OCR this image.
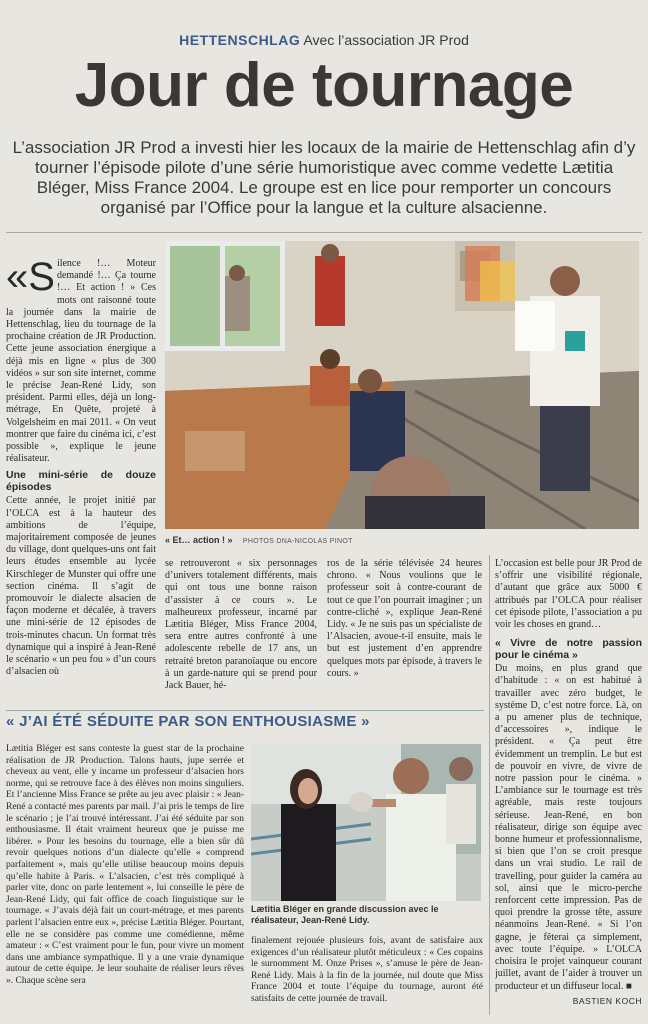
HETTENSCHLAG Avec l’association JR Prod
Jour de tournage
L’association JR Prod a investi hier les locaux de la mairie de Hettenschlag afin d’y tourner l’épisode pilote d’une série humoristique avec comme vedette Lætitia Bléger, Miss France 2004. Le groupe est en lice pour remporter un concours organisé par l’Office pour la langue et la culture alsacienne.

«Silence !… Moteur demandé !… Ça tourne !… Et action ! » Ces mots ont raisonné toute la journée dans la mairie de Hettenschlag, lieu du tournage de la prochaine création de JR Production. Cette jeune association énergique a déjà mis en ligne « plus de 300 vidéos » sur son site internet, comme le précise Jean-René Lidy, son président. Parmi elles, déjà un long-métrage, En Quête, projeté à Volgelsheim en mai 2011. « On veut montrer que faire du cinéma ici, c’est possible », explique le jeune réalisateur.

Une mini-série de douze épisodes

Cette année, le projet initié par l’OLCA est à la hauteur des ambitions de l’équipe, majoritairement composée de jeunes du village, dont quelques-uns ont fait leurs études ensemble au lycée Kirschleger de Munster qui offre une section cinéma. Il s’agit de promouvoir le dialecte alsacien de façon moderne et décalée, à travers une mini-série de 12 épisodes de trois-minutes chacun. Un format très dynamique qui a inspiré à Jean-René le scénario « un peu fou » d’un cours d’alsacien où

« Et… action ! » PHOTOS DNA-NICOLAS PINOT

se retrouveront « six personnages d’univers totalement différents, mais qui ont tous une bonne raison d’assister à ce cours ». Le malheureux professeur, incarné par Lætitia Bléger, Miss France 2004, sera entre autres confronté à une adolescente rebelle de 17 ans, un retraité breton paranoïaque ou encore à un garde-nature qui se prend pour Jack Bauer, hé-

ros de la série télévisée 24 heures chrono. « Nous voulions que le professeur soit à contre-courant de tout ce que l’on pourrait imaginer ; un contre-cliché », explique Jean-René Lidy. « Je ne suis pas un spécialiste de l’Alsacien, avoue-t-il ensuite, mais le but est justement d’en apprendre quelques mots par épisode, à travers le cours. »

L’occasion est belle pour JR Prod de s’offrir une visibilité régionale, d’autant que grâce aux 5000 € attribués par l’OLCA pour réaliser cet épisode pilote, l’association a pu voir les choses en grand…

« Vivre de notre passion pour le cinéma »

Du moins, en plus grand que d’habitude : « on est habitué à travailler avec zéro budget, le système D, c’est notre force. Là, on a pu amener plus de technique, d’accessoires », indique le président. « Ça peut être évidemment un tremplin. Le but est de pouvoir en vivre, de vivre de notre passion pour le cinéma. » L’ambiance sur le tournage est très agréable, mais reste toujours sérieuse. Jean-René, en bon réalisateur, dirige son équipe avec bonne humeur et professionnalisme, si bien que l’on se croit presque dans un vrai studio. Le rail de travelling, pour guider la caméra au sol, ainsi que le micro-perche renforcent cette impression. Pas de quoi prendre la grosse tête, assure néanmoins Jean-René. « Si l’on gagne, je fêterai ça simplement, avec toute l’équipe. » L’OLCA choisira le projet vainqueur courant juillet, avant de l’aider à trouver un producteur et un diffuseur local. ■

BASTIEN KOCH
« J’AI ÉTÉ SÉDUITE PAR SON ENTHOUSIASME »

Lætitia Bléger est sans conteste la guest star de la prochaine réalisation de JR Production. Talons hauts, jupe serrée et cheveux au vent, elle y incarne un professeur d’alsacien hors norme, qui se retrouve face à des élèves non moins singuliers. Et l’ancienne Miss France se prête au jeu avec plaisir : « Jean-René a contacté mes parents par mail. J’ai pris le temps de lire le scénario ; je l’ai trouvé intéressant. J’ai été séduite par son enthousiasme. Il était vraiment heureux que je puisse me libérer. » Pour les besoins du tournage, elle a bien sûr dû revoir quelques notions d’un dialecte qu’elle « comprend parfaitement », mais qu’elle utilise beaucoup moins depuis qu’elle habite à Paris. « L’alsacien, c’est très compliqué à parler vite, donc on parle lentement », lui conseille le père de Jean-René Lidy, qui fait office de coach linguistique sur le tournage. « J’avais déjà fait un court-métrage, et mes parents parlent l’alsacien entre eux », précise Lætitia Bléger. Pourtant, elle ne se considère pas comme une comédienne, même amateur : « C’est vraiment pour le fun, pour vivre un moment dans une ambiance sympathique. Il y a une vraie dynamique autour de cette équipe. Je leur souhaite de réaliser leurs rêves ». Chaque scène sera

Lætitia Bléger en grande discussion avec le réalisateur, Jean-René Lidy.

finalement rejouée plusieurs fois, avant de satisfaire aux exigences d’un réalisateur plutôt méticuleux : « Ces copains le surnomment M. Onze Prises », s’amuse le père de Jean-René Lidy. Mais à la fin de la journée, nul doute que Miss France 2004 et toute l’équipe du tournage, auront été satisfaits de cette journée de travail.
